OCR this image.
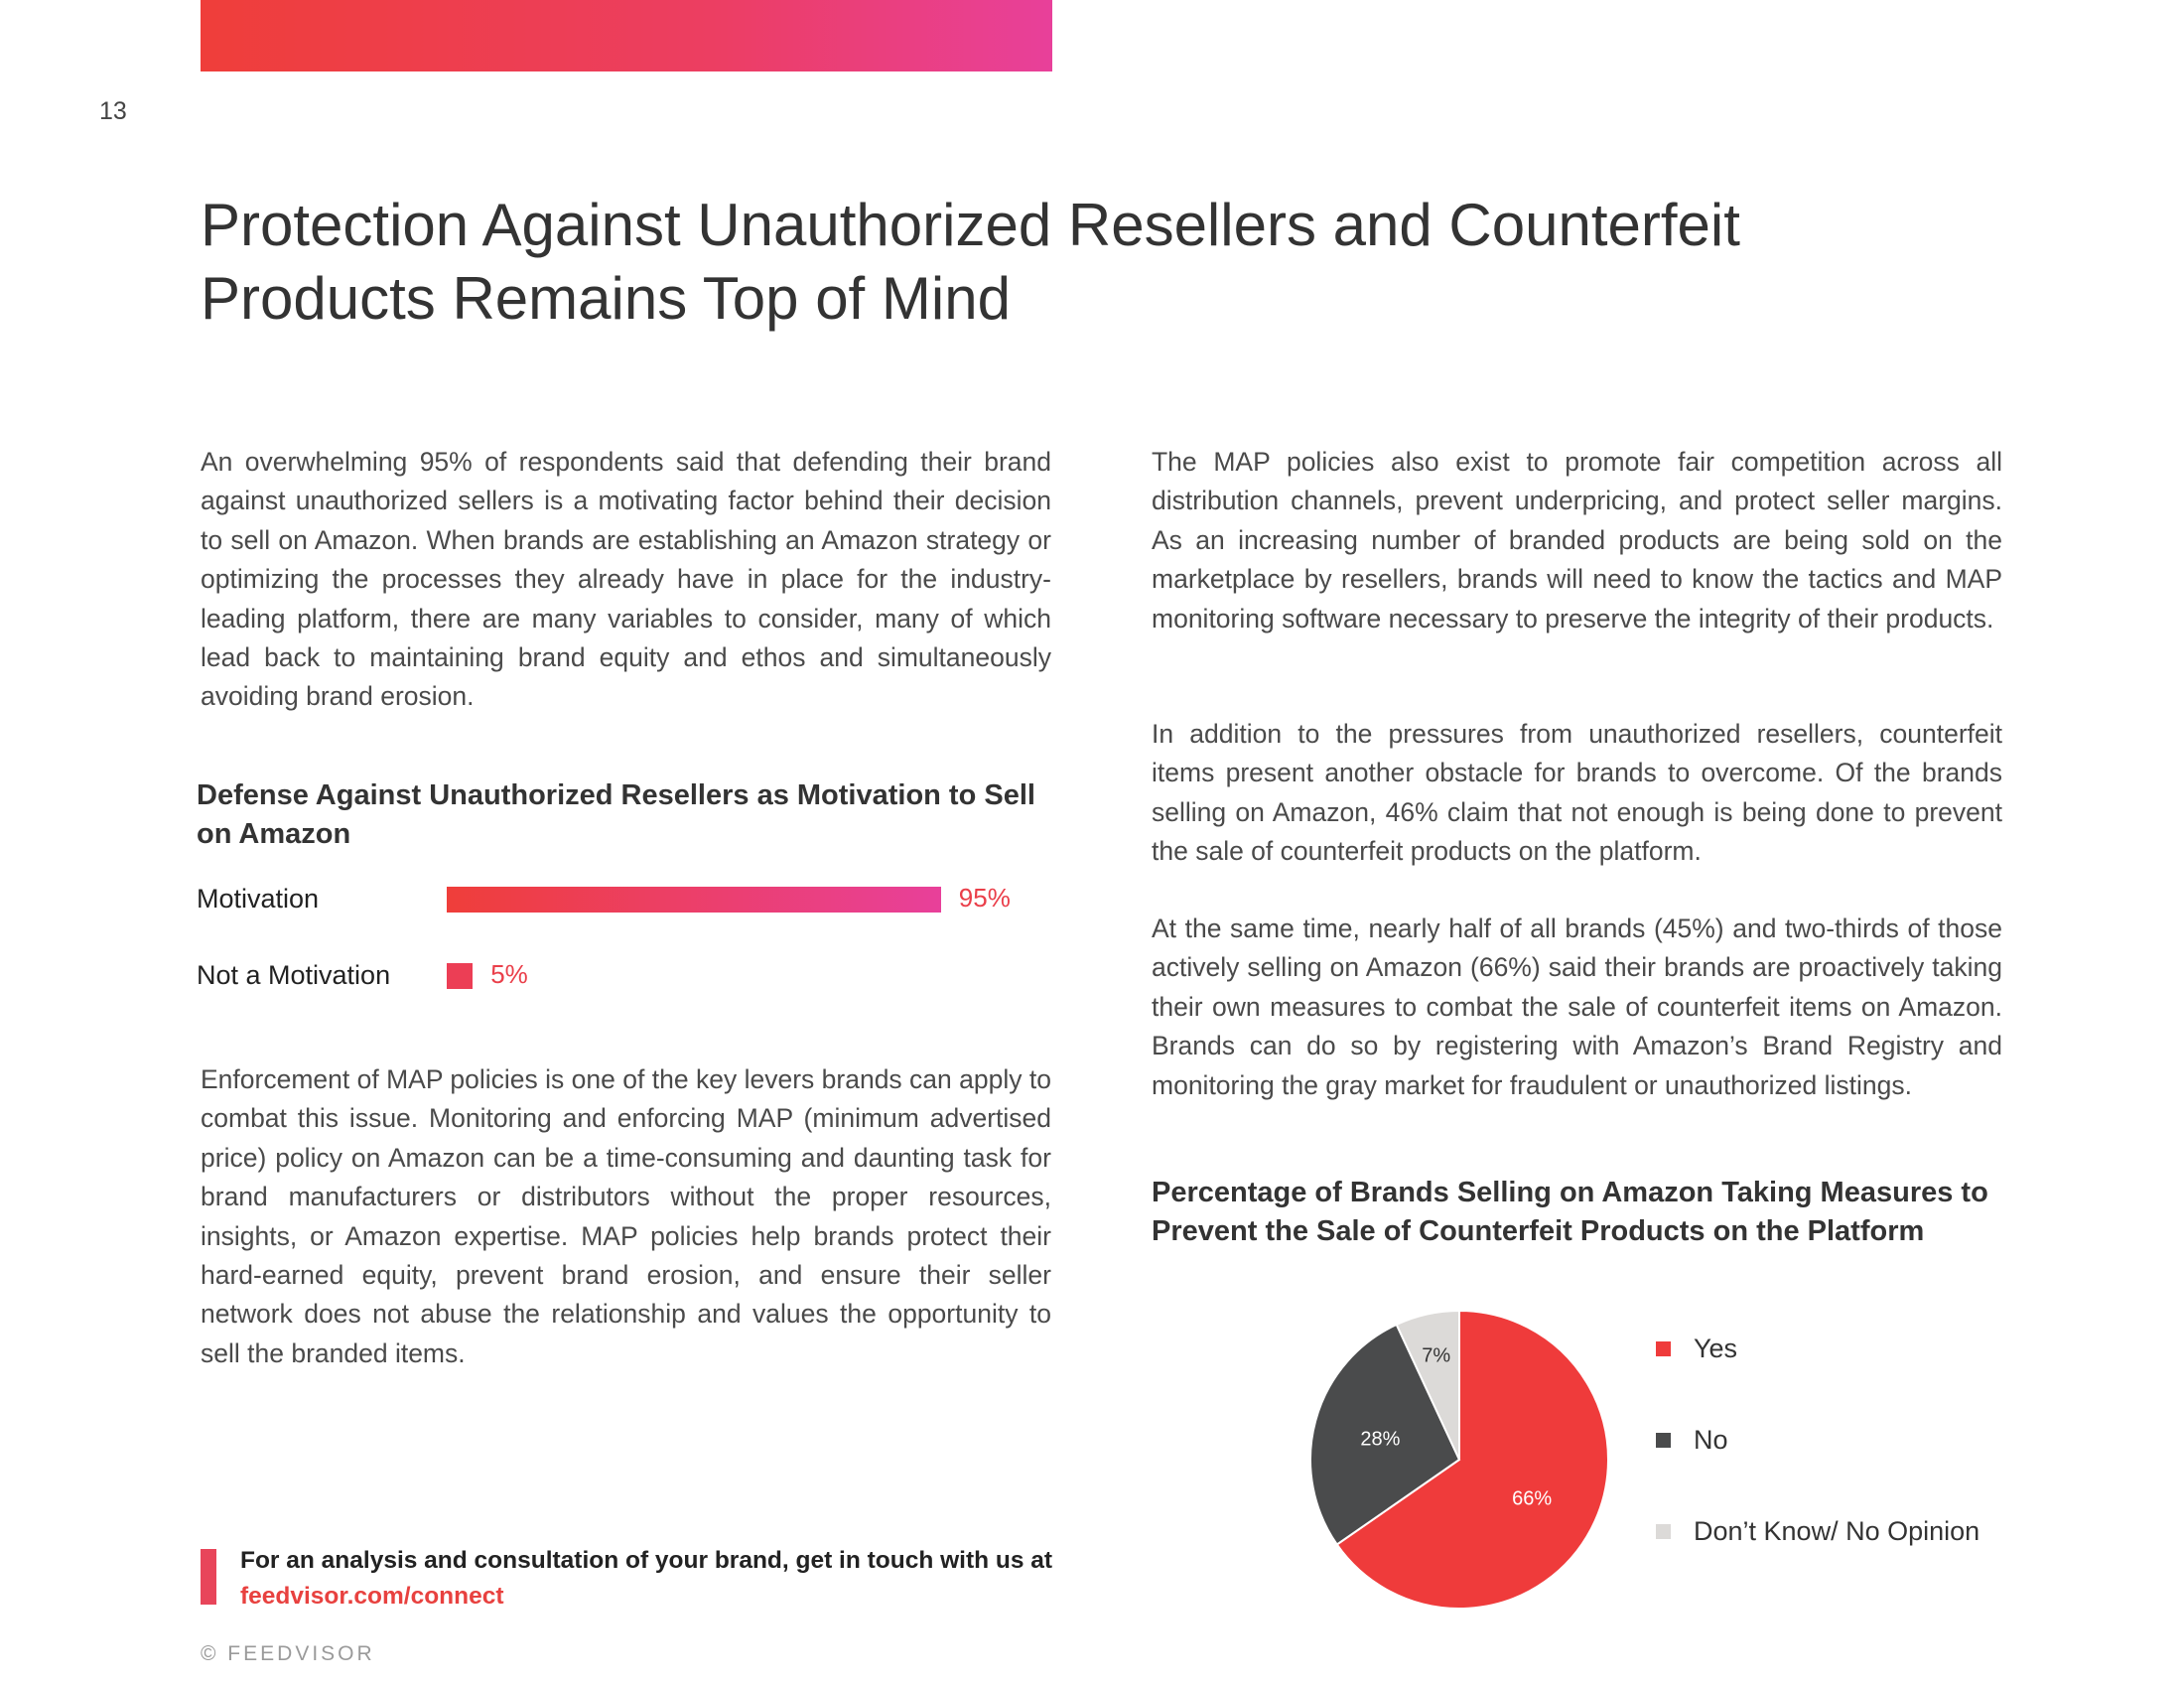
13
Protection Against Unauthorized Resellers and Counterfeit Products Remains Top of Mind

An overwhelming 95% of respondents said that defending their brand against unauthorized sellers is a motivating factor behind their decision to sell on Amazon. When brands are establishing an Amazon strategy or optimizing the processes they already have in place for the industry-leading platform, there are many variables to consider, many of which lead back to maintaining brand equity and ethos and simultaneously avoiding brand erosion.

Defense Against Unauthorized Resellers as Motivation to Sell on Amazon
Motivation	95%
Not a Motivation	5%

Enforcement of MAP policies is one of the key levers brands can apply to combat this issue. Monitoring and enforcing MAP (minimum advertised price) policy on Amazon can be a time-consuming and daunting task for brand manufacturers or distributors without the proper resources, insights, or Amazon expertise. MAP policies help brands protect their hard-earned equity, prevent brand erosion, and ensure their seller network does not abuse the relationship and values the opportunity to sell the branded items.

The MAP policies also exist to promote fair competition across all distribution channels, prevent underpricing, and protect seller margins. As an increasing number of branded products are being sold on the marketplace by resellers, brands will need to know the tactics and MAP monitoring software necessary to preserve the integrity of their products.

In addition to the pressures from unauthorized resellers, counterfeit items present another obstacle for brands to overcome. Of the brands selling on Amazon, 46% claim that not enough is being done to prevent the sale of counterfeit products on the platform.

At the same time, nearly half of all brands (45%) and two-thirds of those actively selling on Amazon (66%) said their brands are proactively taking their own measures to combat the sale of counterfeit items on Amazon. Brands can do so by registering with Amazon’s Brand Registry and monitoring the gray market for fraudulent or unauthorized listings.

Percentage of Brands Selling on Amazon Taking Measures to Prevent the Sale of Counterfeit Products on the Platform
66%
28%
7%	Yes
No
Don’t Know/ No Opinion

For an analysis and consultation of your brand, get in touch with us at feedvisor.com/connect

© FEEDVISOR
